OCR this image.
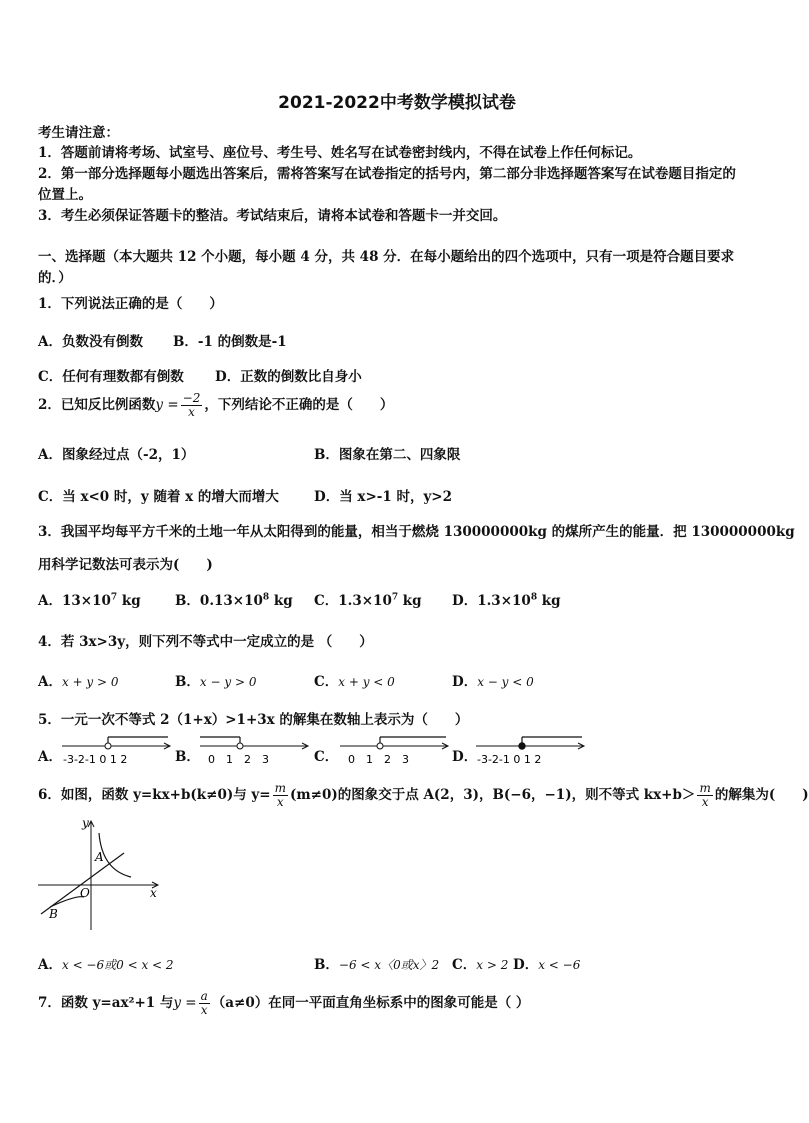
2021-2022中考数学模拟试卷
考生请注意：
1．答题前请将考场、试室号、座位号、考生号、姓名写在试卷密封线内，不得在试卷上作任何标记。
2．第一部分选择题每小题选出答案后，需将答案写在试卷指定的括号内，第二部分非选择题答案写在试卷题目指定的
位置上。
3．考生必须保证答题卡的整洁。考试结束后，请将本试卷和答题卡一并交回。
一、选择题（本大题共 12 个小题，每小题 4 分，共 48 分．在每小题给出的四个选项中，只有一项是符合题目要求
的．）
1．下列说法正确的是（　　）
A．负数没有倒数 B．-1 的倒数是-1
C．任何有理数都有倒数 D．正数的倒数比自身小
2．已知反比例函数$y = \frac{-2}{x}$ ，下列结论不正确的是（　　）
A．图象经过点（-2，1）	B．图象在第二、四象限
C．当 x<0 时，y 随着 x 的增大而增大	D．当 x>-1 时，y>2
3．我国平均每平方千米的土地一年从太阳得到的能量，相当于燃烧 130000000kg 的煤所产生的能量．把 130000000kg
用科学记数法可表示为(　　)
A．$13\times 10^7$ kg	B．$0.13\times 10^8$ kg C．$1.3\times 10^7$ kg D．$1.3\times 10^8$ kg
4．若 3x>3y，则下列不等式中一定成立的是 （　　）
A．x + y > 0	B．x − y > 0	C．x + y < 0	D．x − y < 0
5．一元一次不等式 2（1+x）>1+3x 的解集在数轴上表示为（　　）
A． -3-2-1 0 1 2	B． 0　1　2　3	C． 0　1　2　3	D． -3-2-1 0 1 2
6．如图，函数 y=kx+b(k≠0)与 $y= \frac{m}{x} (m\ne 0)$的图象交于点 A(2，3)，B(−6，−1)，则不等式 $kx+b> \frac{m}{x}$ 的解集为(　　)
y
x
O
A
B
A．x < −6或0 < x < 2	B．−6 < x〈0或x〉2 C．x > 2 D．x < −6
7．函数 y=ax²+1 与$y = \frac{a}{x} (a\ne 0)$在同一平面直角坐标系中的图象可能是（ ）
